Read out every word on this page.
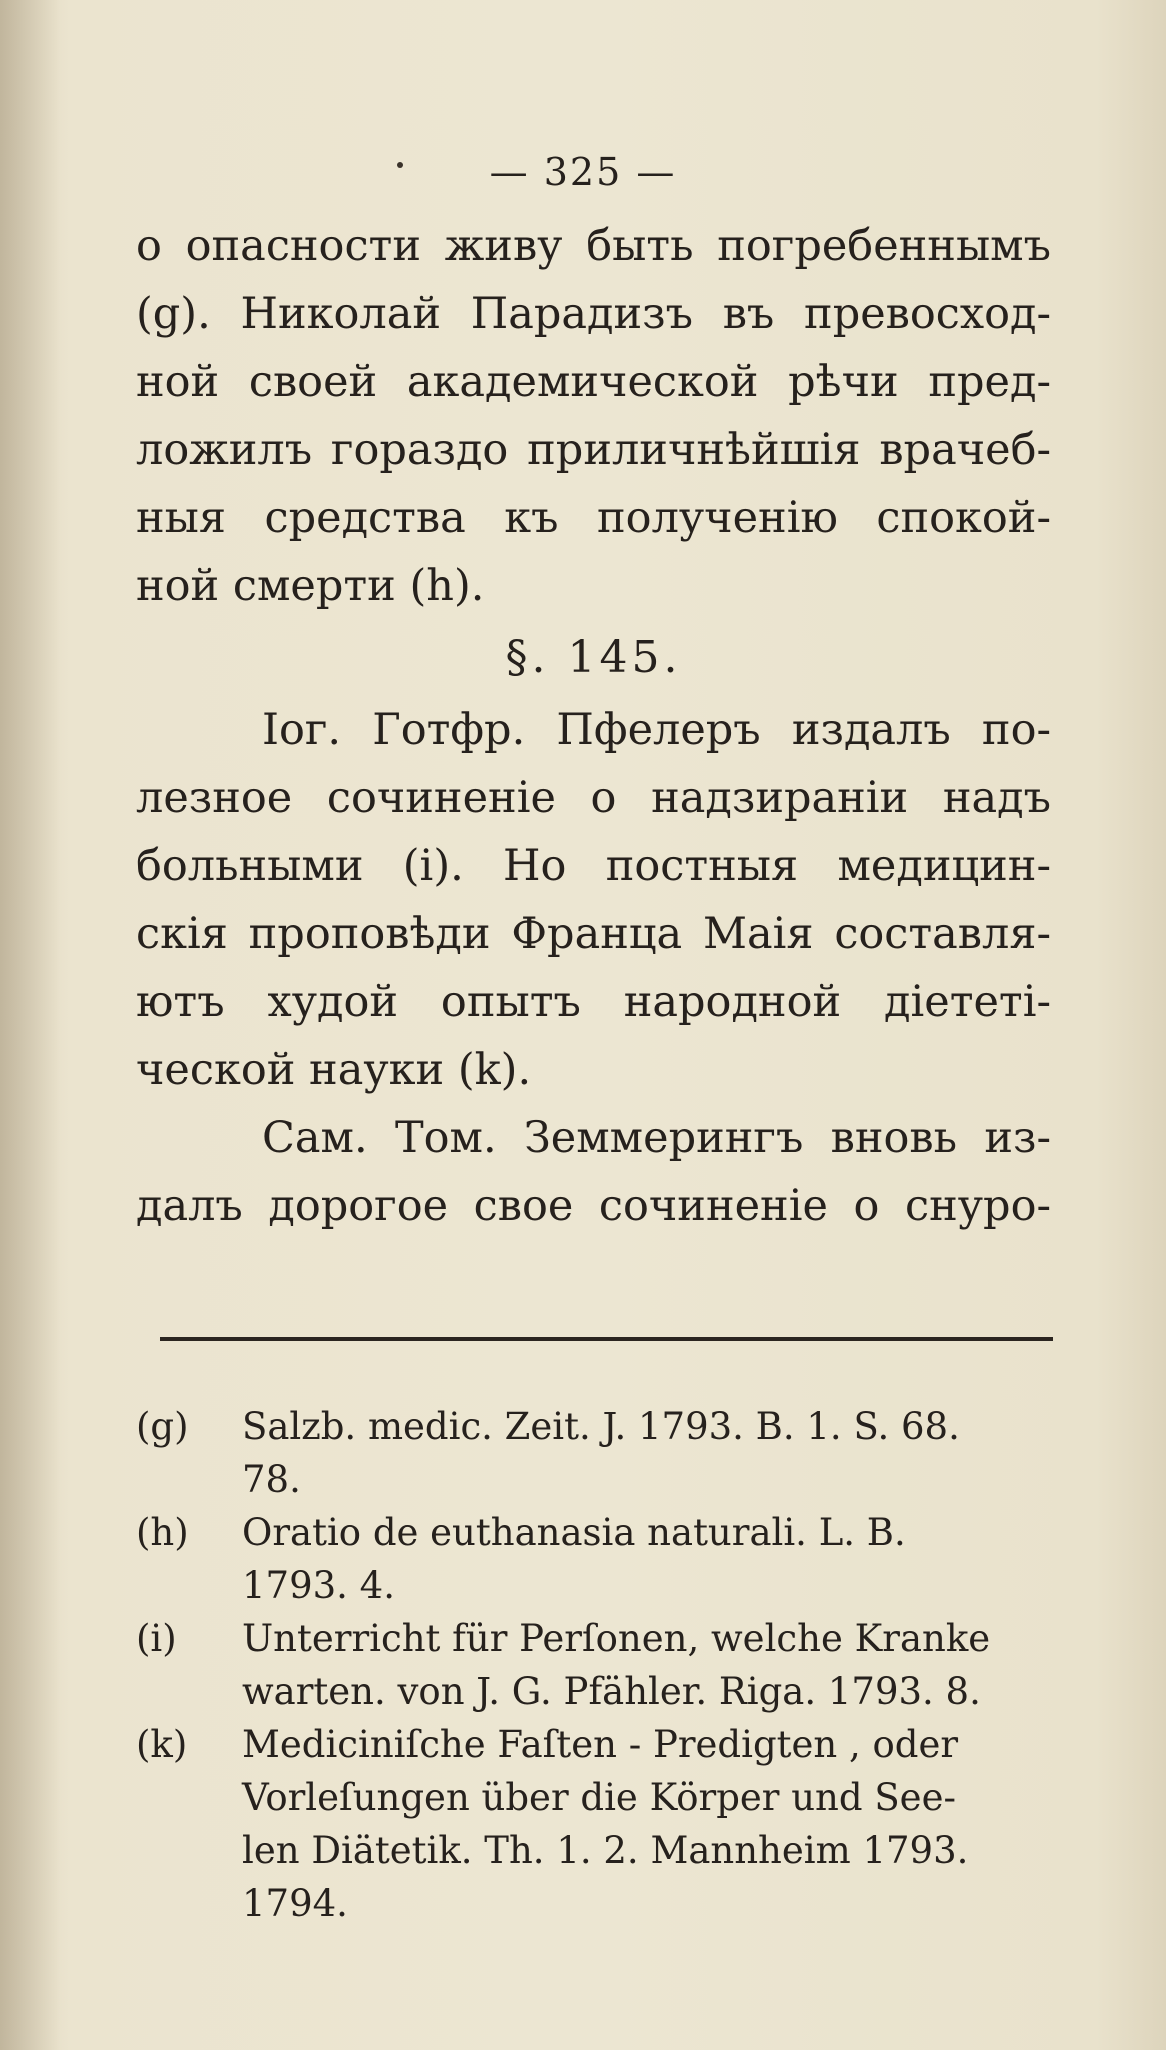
— 325 —

о опасности живу быть погребеннымъ

(g). Николай Парадизъ въ превосход‑

ной своей академической рѣчи пред‑

ложилъ гораздо приличнѣйшія врачеб‑

ныя средства къ полученію спокой‑

ной смерти (h).

§. 145.

Іог. Готфр. Пфелеръ издалъ по‑

лезное сочиненіе о надзираніи надъ

больными (i). Но постныя медицин‑

скія проповѣди Франца Маія составля‑

ютъ худой опытъ народной діететі‑

ческой науки (k).

Сам. Том. Земмерингъ вновь из‑

далъ дорогое свое сочиненіе о снуро‑

(g)	Salzb. medic. Zeit. J. 1793. B. 1. S. 68.
78.
(h)	Oratio de euthanasia naturali. L. B.
1793. 4.
(i)	Unterricht für Perſonen, welche Kranke
warten. von J. G. Pfähler. Riga. 1793. 8.
(k)	Mediciniſche Faſten ‑ Predigten , oder
Vorleſungen über die Körper und See‑
len Diätetik. Th. 1. 2. Mannheim 1793.
1794.
